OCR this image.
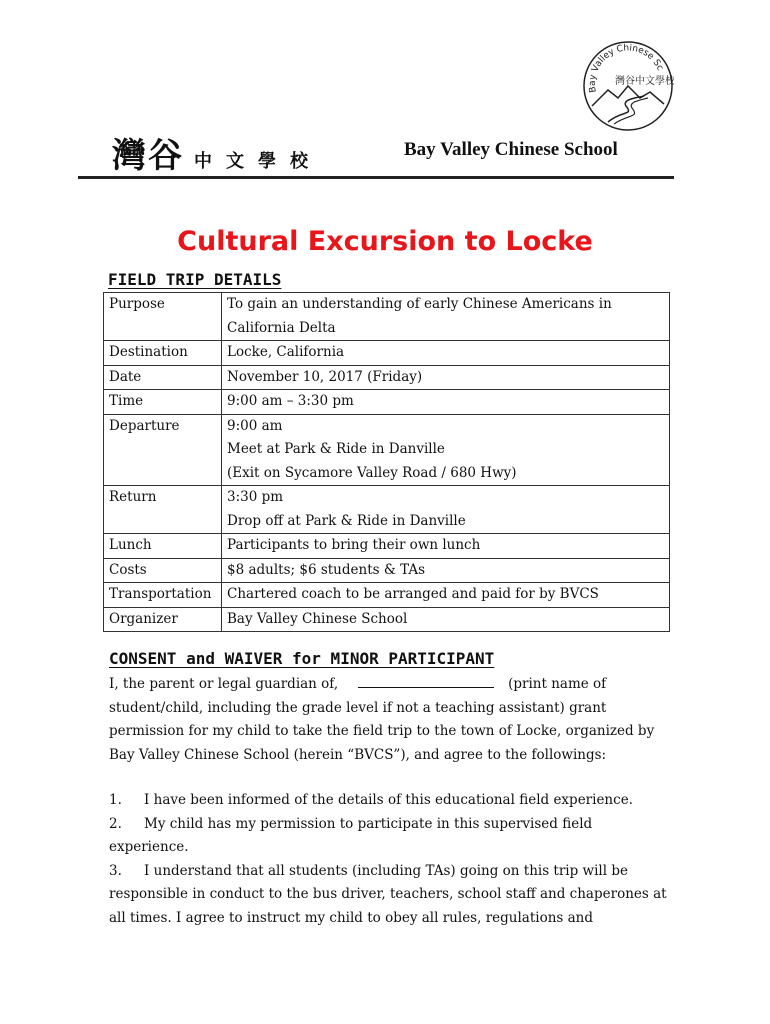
Bay Valley Chinese Sc
灣谷中文學校
灣谷 中文學校
Bay Valley Chinese School
Cultural Excursion to Locke
FIELD TRIP DETAILS
Purpose	To gain an understanding of early Chinese Americans in
California Delta

Destination	Locke, California

Date	November 10, 2017 (Friday)

Time	9:00 am – 3:30 pm

Departure	9:00 am
Meet at Park & Ride in Danville
(Exit on Sycamore Valley Road / 680 Hwy)

Return	3:30 pm
Drop off at Park & Ride in Danville

Lunch	Participants to bring their own lunch

Costs	$8 adults; $6 students & TAs

Transportation	Chartered coach to be arranged and paid for by BVCS

Organizer	Bay Valley Chinese School
CONSENT and WAIVER for MINOR PARTICIPANT
I, the parent or legal guardian of,	(print name of student/child, including the grade level if not a teaching assistant) grant permission for my child to take the field trip to the town of Locke, organized by Bay Valley Chinese School (herein “BVCS”), and agree to the followings:
1. I have been informed of the details of this educational field experience.
2. My child has my permission to participate in this supervised field experience.
3. I understand that all students (including TAs) going on this trip will be responsible in conduct to the bus driver, teachers, school staff and chaperones at all times. I agree to instruct my child to obey all rules, regulations and
